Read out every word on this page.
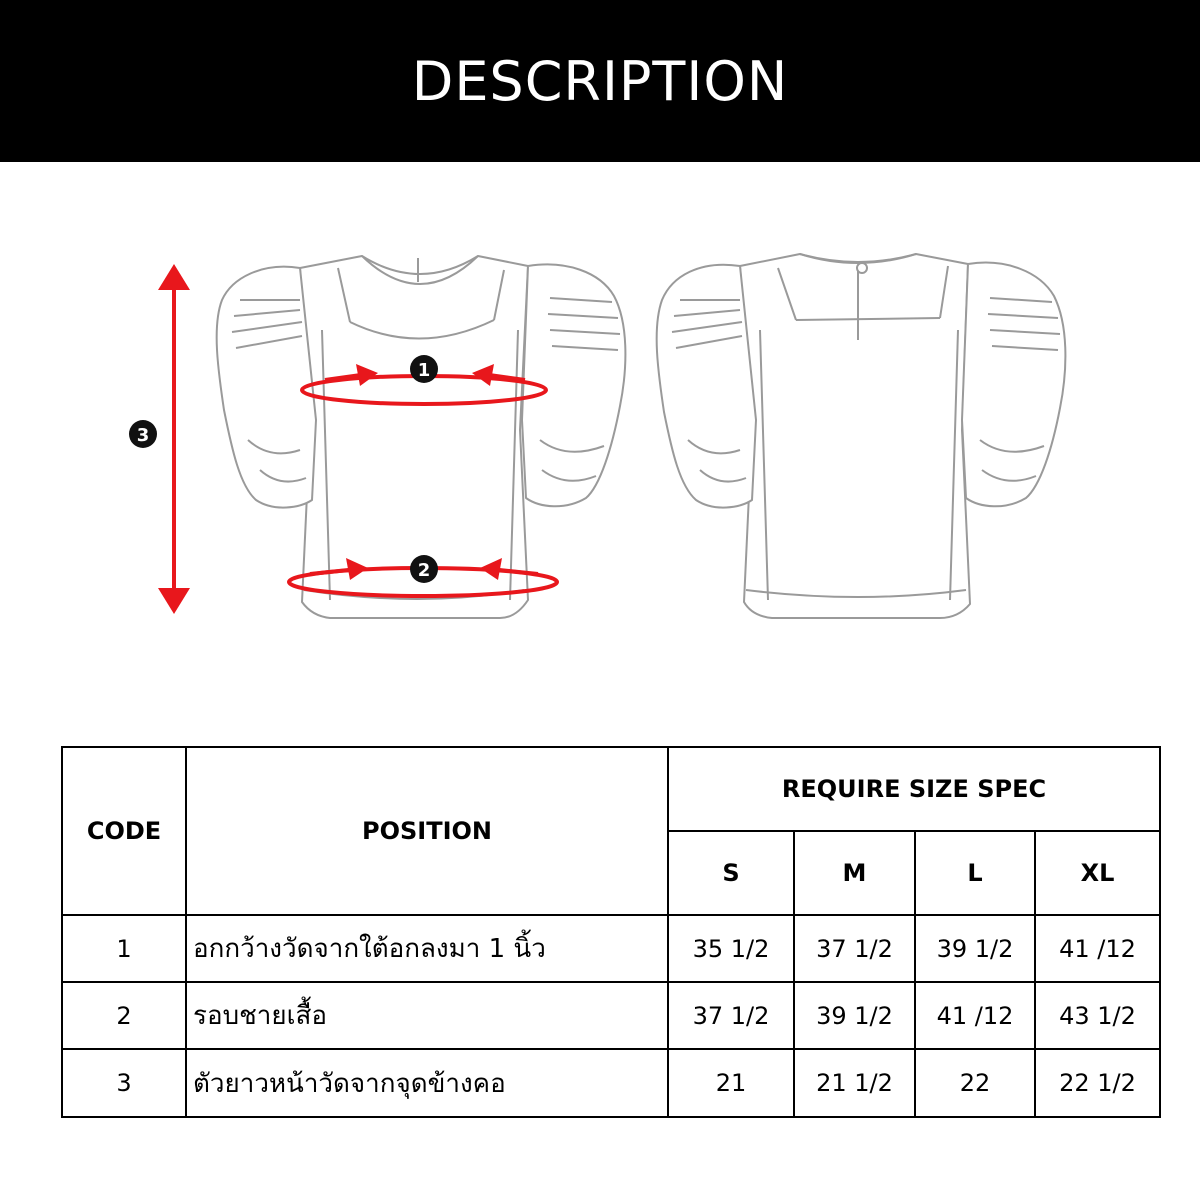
DESCRIPTION
1
2
3
CODE	POSITION	REQUIRE SIZE SPEC			
		S	M	L	XL
1	อกกว้างวัดจากใต้อกลงมา 1 นิ้ว	35 1/2	37 1/2	39 1/2	41 /12
2	รอบชายเสื้อ	37 1/2	39 1/2	41 /12	43 1/2
3	ตัวยาวหน้าวัดจากจุดข้างคอ	21	21 1/2	22	22 1/2
